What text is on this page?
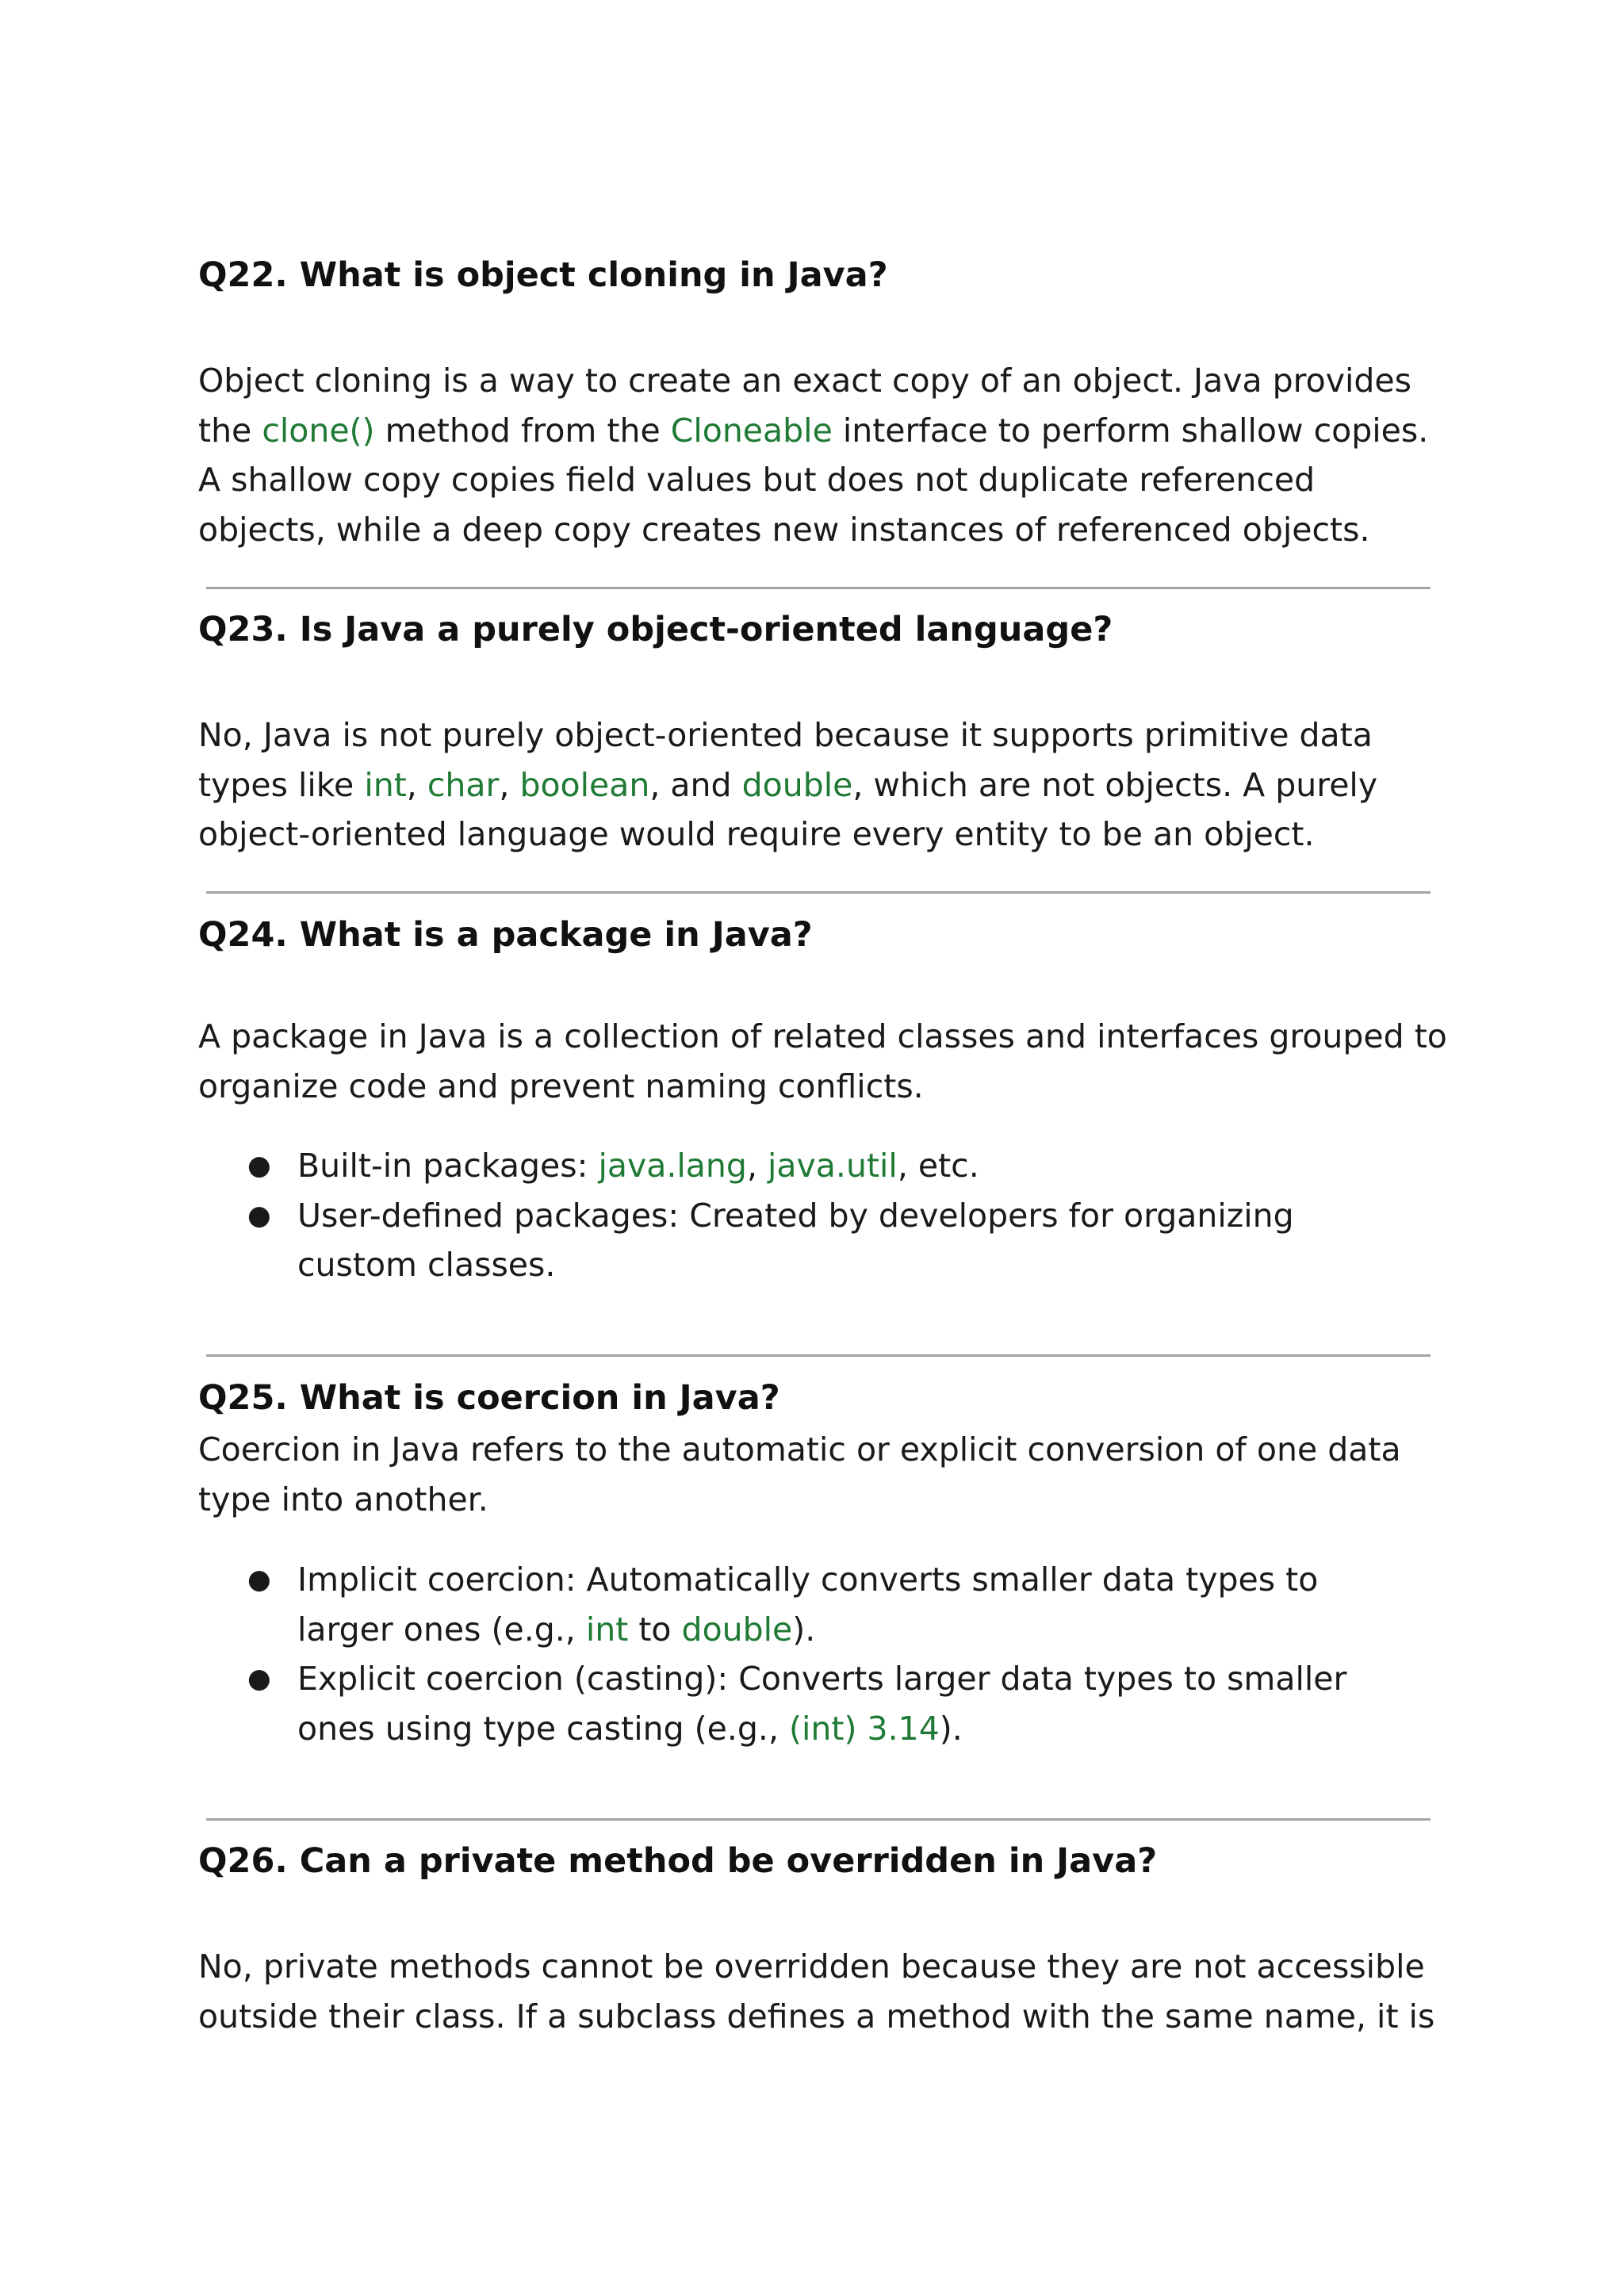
Q22. What is object cloning in Java?

Object cloning is a way to create an exact copy of an object. Java provides the clone() method from the Cloneable interface to perform shallow copies. A shallow copy copies field values but does not duplicate referenced objects, while a deep copy creates new instances of referenced objects.

Q23. Is Java a purely object-oriented language?

No, Java is not purely object-oriented because it supports primitive data types like int, char, boolean, and double, which are not objects. A purely object-oriented language would require every entity to be an object.

Q24. What is a package in Java?

A package in Java is a collection of related classes and interfaces grouped to organize code and prevent naming conflicts.

● Built-in packages: java.lang, java.util, etc.
● User-defined packages: Created by developers for organizing custom classes.
Q25. What is coercion in Java?

Coercion in Java refers to the automatic or explicit conversion of one data type into another.

● Implicit coercion: Automatically converts smaller data types to larger ones (e.g., int to double).
● Explicit coercion (casting): Converts larger data types to smaller ones using type casting (e.g., (int) 3.14).
Q26. Can a private method be overridden in Java?

No, private methods cannot be overridden because they are not accessible outside their class. If a subclass defines a method with the same name, it is
